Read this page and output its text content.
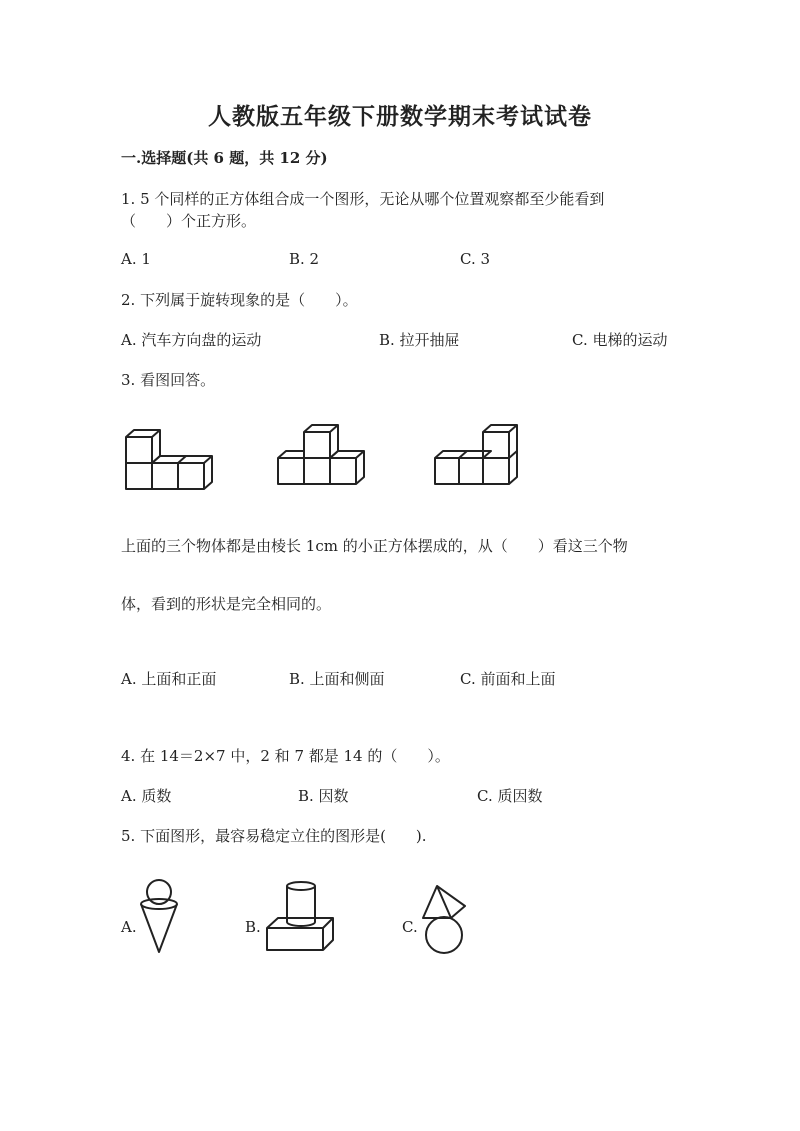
人教版五年级下册数学期末考试试卷
一.选择题(共 6 题，共 12 分)
1. 5 个同样的正方体组合成一个图形，无论从哪个位置观察都至少能看到
（　　）个正方形。
A. 1	B. 2	C. 3
2. 下列属于旋转现象的是（　　）。
A. 汽车方向盘的运动	B. 拉开抽屉	C. 电梯的运动
3. 看图回答。
上面的三个物体都是由棱长 1cm 的小正方体摆成的，从（　　）看这三个物
体，看到的形状是完全相同的。
A. 上面和正面	B. 上面和侧面	C. 前面和上面
4. 在 14＝2×7 中，2 和 7 都是 14 的（　　）。
A. 质数	B. 因数	C. 质因数
5. 下面图形，最容易稳定立住的图形是(　　).
A.	B.	C.
